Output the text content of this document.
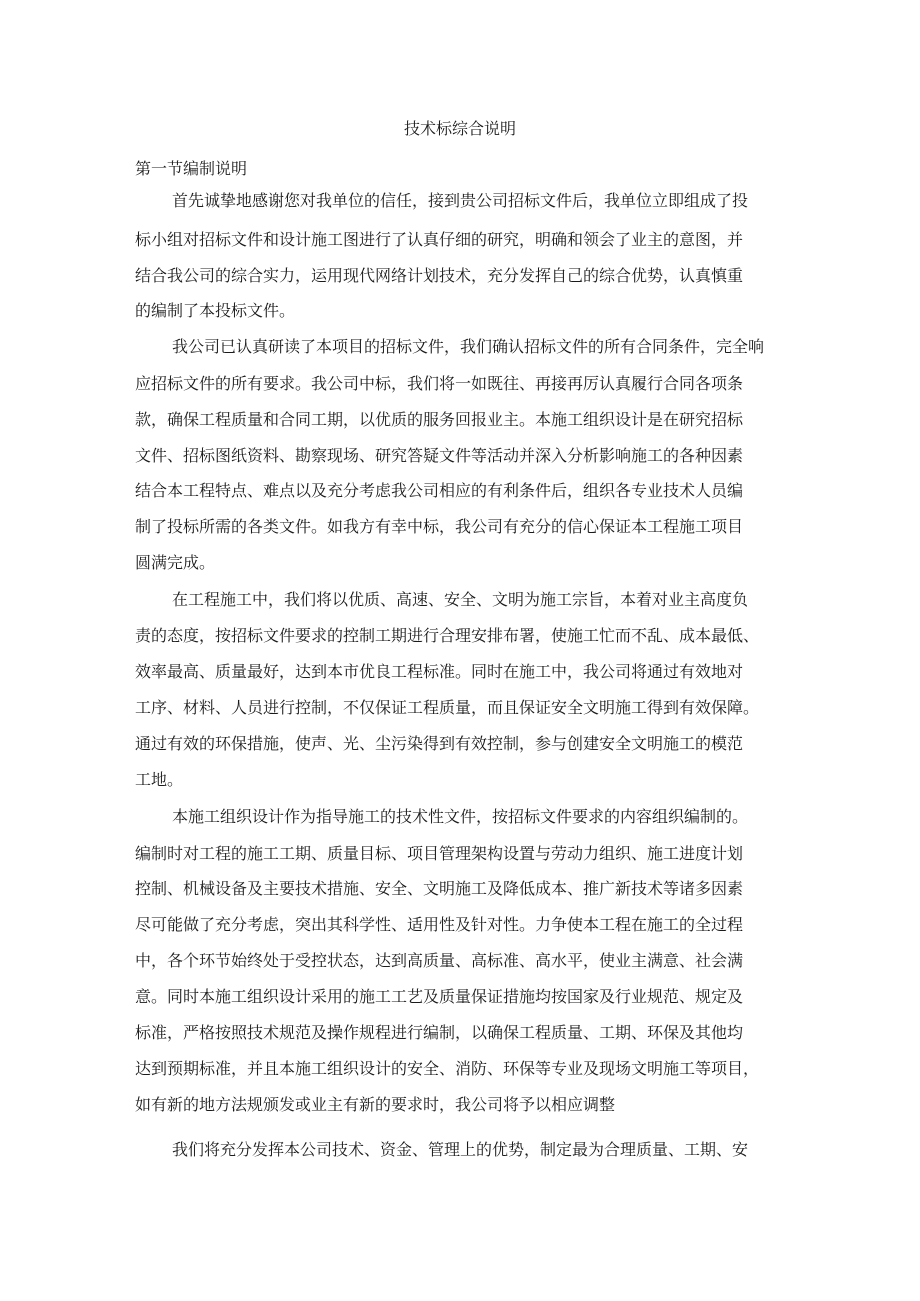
技术标综合说明
第一节编制说明

首先诚挚地感谢您对我单位的信任，接到贵公司招标文件后，我单位立即组成了投

标小组对招标文件和设计施工图进行了认真仔细的研究，明确和领会了业主的意图，并

结合我公司的综合实力，运用现代网络计划技术，充分发挥自己的综合优势，认真慎重

的编制了本投标文件。

我公司已认真研读了本项目的招标文件，我们确认招标文件的所有合同条件，完全响

应招标文件的所有要求。我公司中标，我们将一如既往、再接再厉认真履行合同各项条

款，确保工程质量和合同工期，以优质的服务回报业主。本施工组织设计是在研究招标

文件、招标图纸资料、勘察现场、研究答疑文件等活动并深入分析影响施工的各种因素

结合本工程特点、难点以及充分考虑我公司相应的有利条件后，组织各专业技术人员编

制了投标所需的各类文件。如我方有幸中标，我公司有充分的信心保证本工程施工项目

圆满完成。

在工程施工中，我们将以优质、高速、安全、文明为施工宗旨，本着对业主高度负

责的态度，按招标文件要求的控制工期进行合理安排布署，使施工忙而不乱、成本最低、

效率最高、质量最好，达到本市优良工程标准。同时在施工中，我公司将通过有效地对

工序、材料、人员进行控制，不仅保证工程质量，而且保证安全文明施工得到有效保障。

通过有效的环保措施，使声、光、尘污染得到有效控制，参与创建安全文明施工的模范

工地。

本施工组织设计作为指导施工的技术性文件，按招标文件要求的内容组织编制的。

编制时对工程的施工工期、质量目标、项目管理架构设置与劳动力组织、施工进度计划

控制、机械设备及主要技术措施、安全、文明施工及降低成本、推广新技术等诸多因素

尽可能做了充分考虑，突出其科学性、适用性及针对性。力争使本工程在施工的全过程

中，各个环节始终处于受控状态，达到高质量、高标准、高水平，使业主满意、社会满

意。同时本施工组织设计采用的施工工艺及质量保证措施均按国家及行业规范、规定及

标准，严格按照技术规范及操作规程进行编制，以确保工程质量、工期、环保及其他均

达到预期标准，并且本施工组织设计的安全、消防、环保等专业及现场文明施工等项目，

如有新的地方法规颁发或业主有新的要求时，我公司将予以相应调整

我们将充分发挥本公司技术、资金、管理上的优势，制定最为合理质量、工期、安
